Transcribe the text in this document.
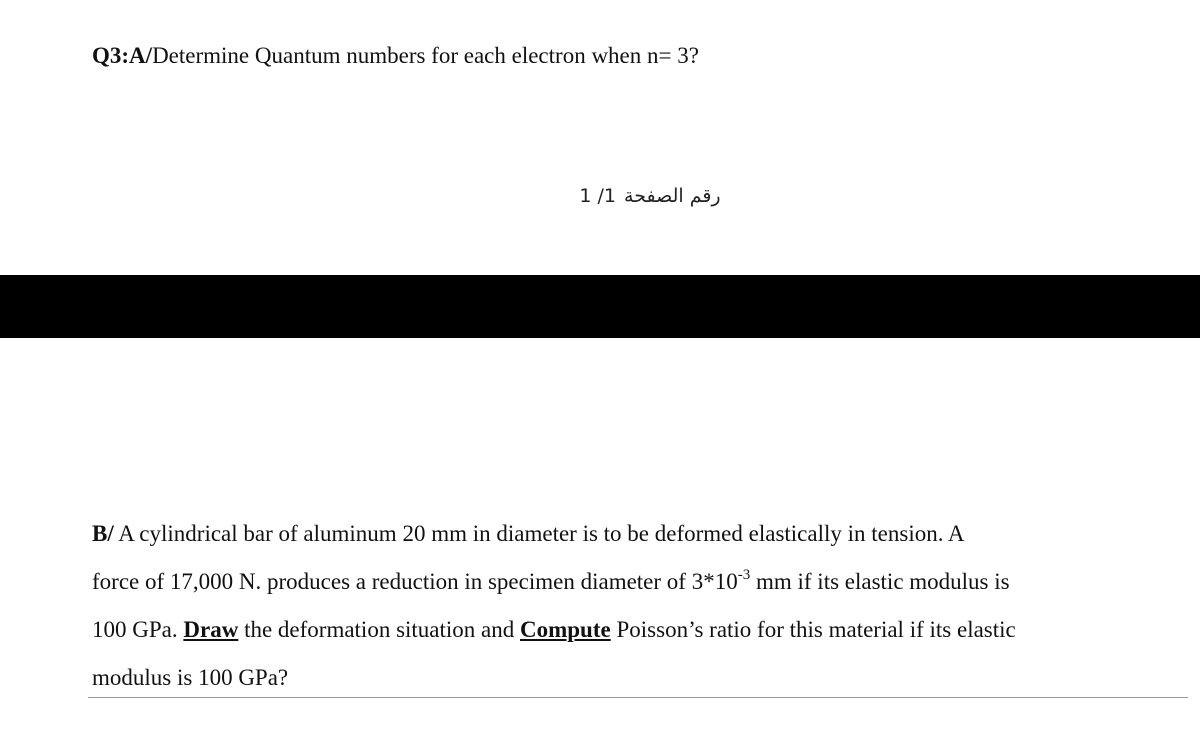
Q3:A/Determine Quantum numbers for each electron when n= 3?
رقم الصفحة 1 /1
B/ A cylindrical bar of aluminum 20 mm in diameter is to be deformed elastically in tension. A
force of 17,000 N. produces a reduction in specimen diameter of $3*10^{-3}$ mm if its elastic modulus is
100 GPa. Draw the deformation situation and Compute Poisson’s ratio for this material if its elastic
modulus is 100 GPa?
